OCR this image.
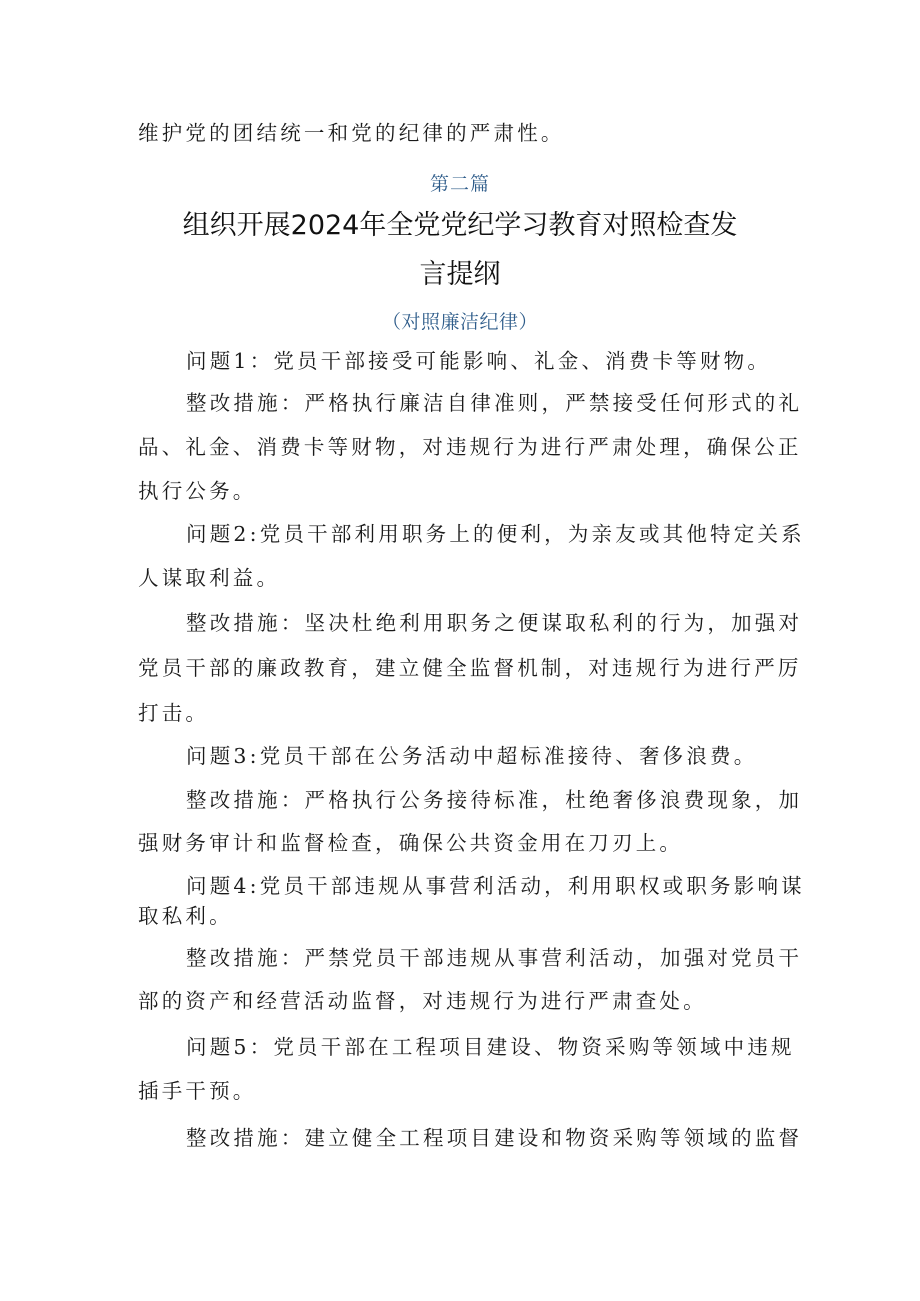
维护党的团结统一和党的纪律的严肃性。
第二篇
组织开展2024年全党党纪学习教育对照检查发
言提纲
（对照廉洁纪律）
问题1：党员干部接受可能影响、礼金、消费卡等财物。
整改措施：严格执行廉洁自律准则，严禁接受任何形式的礼
品、礼金、消费卡等财物，对违规行为进行严肃处理，确保公正
执行公务。
问题2:党员干部利用职务上的便利，为亲友或其他特定关系
人谋取利益。
整改措施：坚决杜绝利用职务之便谋取私利的行为，加强对
党员干部的廉政教育，建立健全监督机制，对违规行为进行严厉
打击。
问题3:党员干部在公务活动中超标准接待、奢侈浪费。
整改措施：严格执行公务接待标准，杜绝奢侈浪费现象，加
强财务审计和监督检查，确保公共资金用在刀刃上。
问题4:党员干部违规从事营利活动，利用职权或职务影响谋
取私利。
整改措施：严禁党员干部违规从事营利活动，加强对党员干
部的资产和经营活动监督，对违规行为进行严肃查处。
问题5：党员干部在工程项目建设、物资采购等领域中违规
插手干预。
整改措施：建立健全工程项目建设和物资采购等领域的监督
